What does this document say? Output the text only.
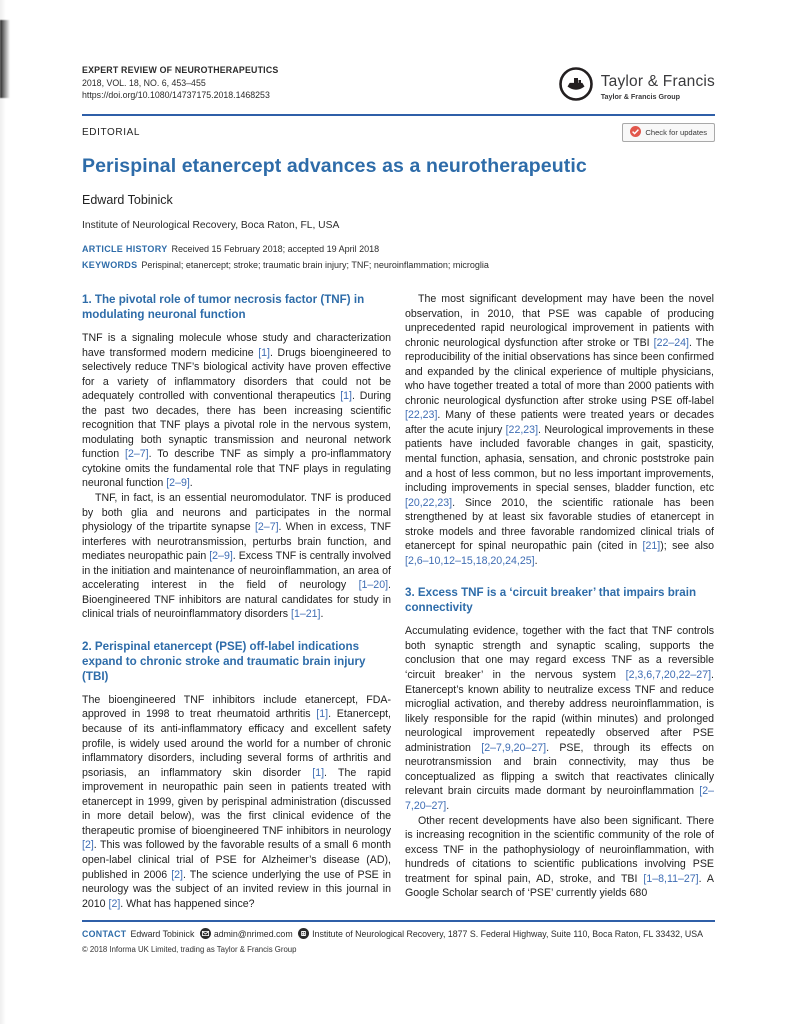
EXPERT REVIEW OF NEUROTHERAPEUTICS
2018, VOL. 18, NO. 6, 453–455
https://doi.org/10.1080/14737175.2018.1468253
Taylor & Francis
Taylor & Francis Group
EDITORIAL	Check for updates
Perispinal etanercept advances as a neurotherapeutic
Edward Tobinick
Institute of Neurological Recovery, Boca Raton, FL, USA
ARTICLE HISTORY Received 15 February 2018; accepted 19 April 2018
KEYWORDS Perispinal; etanercept; stroke; traumatic brain injury; TNF; neuroinflammation; microglia
1. The pivotal role of tumor necrosis factor (TNF) in modulating neuronal function

TNF is a signaling molecule whose study and characterization have transformed modern medicine [1]. Drugs bioengineered to selectively reduce TNF’s biological activity have proven effective for a variety of inflammatory disorders that could not be adequately controlled with conventional therapeutics [1]. During the past two decades, there has been increasing scientific recognition that TNF plays a pivotal role in the nervous system, modulating both synaptic transmission and neuronal network function [2–7]. To describe TNF as simply a pro-inflammatory cytokine omits the fundamental role that TNF plays in regulating neuronal function [2–9].

TNF, in fact, is an essential neuromodulator. TNF is produced by both glia and neurons and participates in the normal physiology of the tripartite synapse [2–7]. When in excess, TNF interferes with neurotransmission, perturbs brain function, and mediates neuropathic pain [2–9]. Excess TNF is centrally involved in the initiation and maintenance of neuroinflammation, an area of accelerating interest in the field of neurology [1–20]. Bioengineered TNF inhibitors are natural candidates for study in clinical trials of neuroinflammatory disorders [1–21].

2. Perispinal etanercept (PSE) off-label indications expand to chronic stroke and traumatic brain injury (TBI)

The bioengineered TNF inhibitors include etanercept, FDA-approved in 1998 to treat rheumatoid arthritis [1]. Etanercept, because of its anti-inflammatory efficacy and excellent safety profile, is widely used around the world for a number of chronic inflammatory disorders, including several forms of arthritis and psoriasis, an inflammatory skin disorder [1]. The rapid improvement in neuropathic pain seen in patients treated with etanercept in 1999, given by perispinal administration (discussed in more detail below), was the first clinical evidence of the therapeutic promise of bioengineered TNF inhibitors in neurology [2]. This was followed by the favorable results of a small 6 month open-label clinical trial of PSE for Alzheimer’s disease (AD), published in 2006 [2]. The science underlying the use of PSE in neurology was the subject of an invited review in this journal in 2010 [2]. What has happened since?

The most significant development may have been the novel observation, in 2010, that PSE was capable of producing unprecedented rapid neurological improvement in patients with chronic neurological dysfunction after stroke or TBI [22–24]. The reproducibility of the initial observations has since been confirmed and expanded by the clinical experience of multiple physicians, who have together treated a total of more than 2000 patients with chronic neurological dysfunction after stroke using PSE off-label [22,23]. Many of these patients were treated years or decades after the acute injury [22,23]. Neurological improvements in these patients have included favorable changes in gait, spasticity, mental function, aphasia, sensation, and chronic poststroke pain and a host of less common, but no less important improvements, including improvements in special senses, bladder function, etc [20,22,23]. Since 2010, the scientific rationale has been strengthened by at least six favorable studies of etanercept in stroke models and three favorable randomized clinical trials of etanercept for spinal neuropathic pain (cited in [21]); see also [2,6–10,12–15,18,20,24,25].

3. Excess TNF is a ‘circuit breaker’ that impairs brain connectivity

Accumulating evidence, together with the fact that TNF controls both synaptic strength and synaptic scaling, supports the conclusion that one may regard excess TNF as a reversible ‘circuit breaker’ in the nervous system [2,3,6,7,20,22–27]. Etanercept’s known ability to neutralize excess TNF and reduce microglial activation, and thereby address neuroinflammation, is likely responsible for the rapid (within minutes) and prolonged neurological improvement repeatedly observed after PSE administration [2–7,9,20–27]. PSE, through its effects on neurotransmission and brain connectivity, may thus be conceptualized as flipping a switch that reactivates clinically relevant brain circuits made dormant by neuroinflammation [2–7,20–27].

Other recent developments have also been significant. There is increasing recognition in the scientific community of the role of excess TNF in the pathophysiology of neuroinflammation, with hundreds of citations to scientific publications involving PSE treatment for spinal pain, AD, stroke, and TBI [1–8,11–27]. A Google Scholar search of ‘PSE’ currently yields 680

CONTACT Edward Tobinick admin@nrimed.com Institute of Neurological Recovery, 1877 S. Federal Highway, Suite 110, Boca Raton, FL 33432, USA
© 2018 Informa UK Limited, trading as Taylor & Francis Group
